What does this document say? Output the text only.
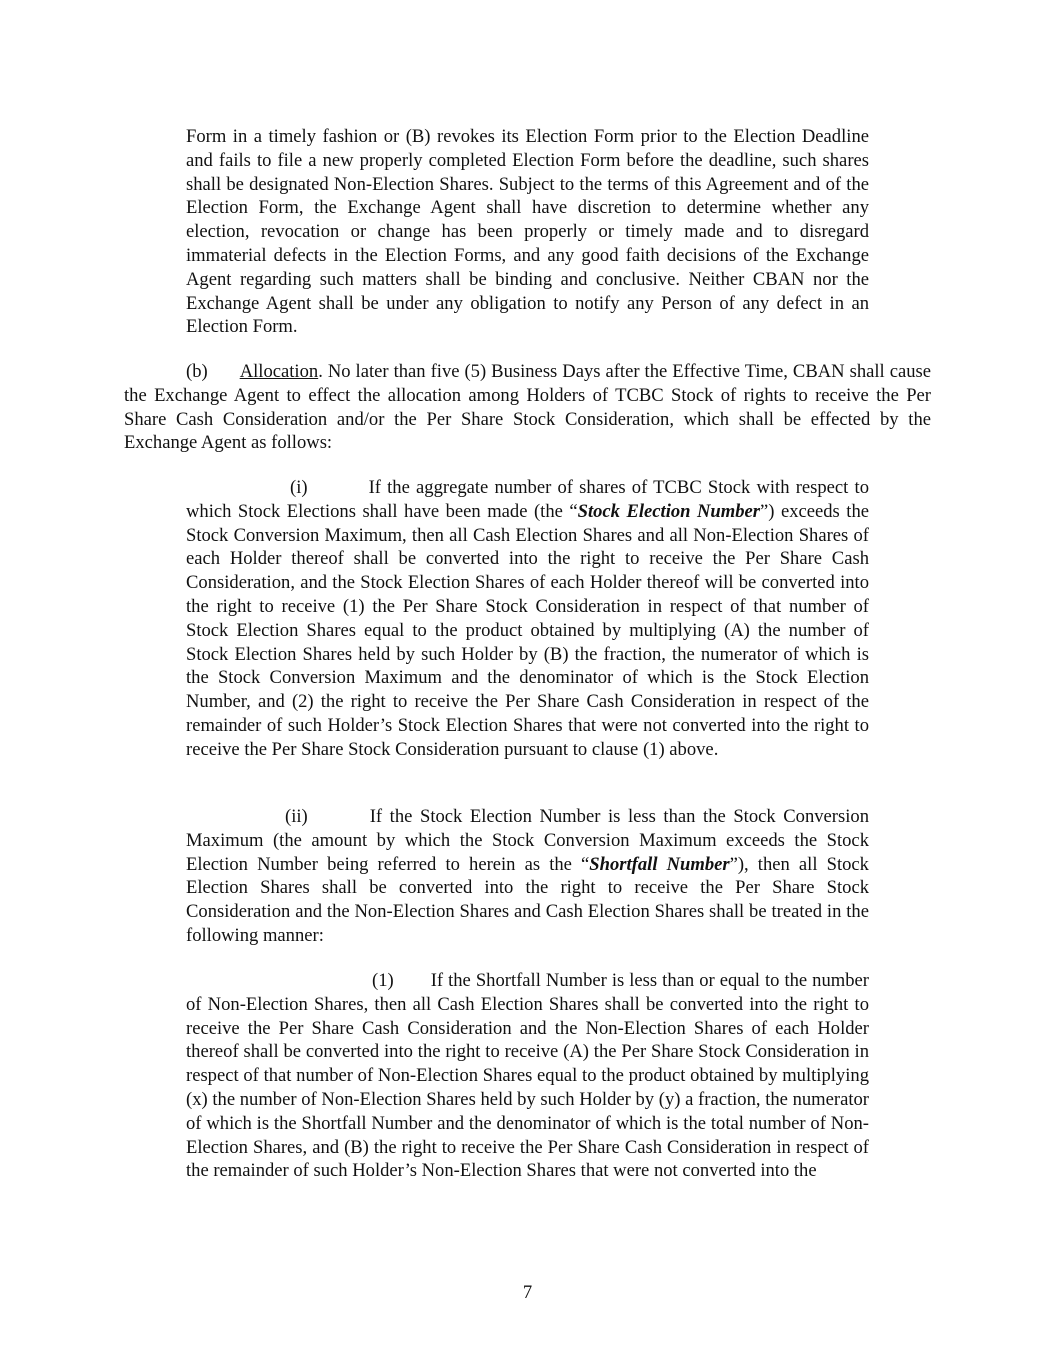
Form in a timely fashion or (B) revokes its Election Form prior to the Election Deadline and fails to file a new properly completed Election Form before the deadline, such shares shall be designated Non-Election Shares. Subject to the terms of this Agreement and of the Election Form, the Exchange Agent shall have discretion to determine whether any election, revocation or change has been properly or timely made and to disregard immaterial defects in the Election Forms, and any good faith decisions of the Exchange Agent regarding such matters shall be binding and conclusive. Neither CBAN nor the Exchange Agent shall be under any obligation to notify any Person of any defect in an Election Form.

(b) Allocation. No later than five (5) Business Days after the Effective Time, CBAN shall cause the Exchange Agent to effect the allocation among Holders of TCBC Stock of rights to receive the Per Share Cash Consideration and/or the Per Share Stock Consideration, which shall be effected by the Exchange Agent as follows:

(i)	If the aggregate number of shares of TCBC Stock with respect to which Stock Elections shall have been made (the “Stock Election Number”) exceeds the Stock Conversion Maximum, then all Cash Election Shares and all Non-Election Shares of each Holder thereof shall be converted into the right to receive the Per Share Cash Consideration, and the Stock Election Shares of each Holder thereof will be converted into the right to receive (1) the Per Share Stock Consideration in respect of that number of Stock Election Shares equal to the product obtained by multiplying (A) the number of Stock Election Shares held by such Holder by (B) the fraction, the numerator of which is the Stock Conversion Maximum and the denominator of which is the Stock Election Number, and (2) the right to receive the Per Share Cash Consideration in respect of the remainder of such Holder’s Stock Election Shares that were not converted into the right to receive the Per Share Stock Consideration pursuant to clause (1) above.

(ii)	If the Stock Election Number is less than the Stock Conversion Maximum (the amount by which the Stock Conversion Maximum exceeds the Stock Election Number being referred to herein as the “Shortfall Number”), then all Stock Election Shares shall be converted into the right to receive the Per Share Stock Consideration and the Non-Election Shares and Cash Election Shares shall be treated in the following manner:

(1) If the Shortfall Number is less than or equal to the number of Non-Election Shares, then all Cash Election Shares shall be converted into the right to receive the Per Share Cash Consideration and the Non-Election Shares of each Holder thereof shall be converted into the right to receive (A) the Per Share Stock Consideration in respect of that number of Non-Election Shares equal to the product obtained by multiplying (x) the number of Non-Election Shares held by such Holder by (y) a fraction, the numerator of which is the Shortfall Number and the denominator of which is the total number of Non-Election Shares, and (B) the right to receive the Per Share Cash Consideration in respect of the remainder of such Holder’s Non-Election Shares that were not converted into the

7
